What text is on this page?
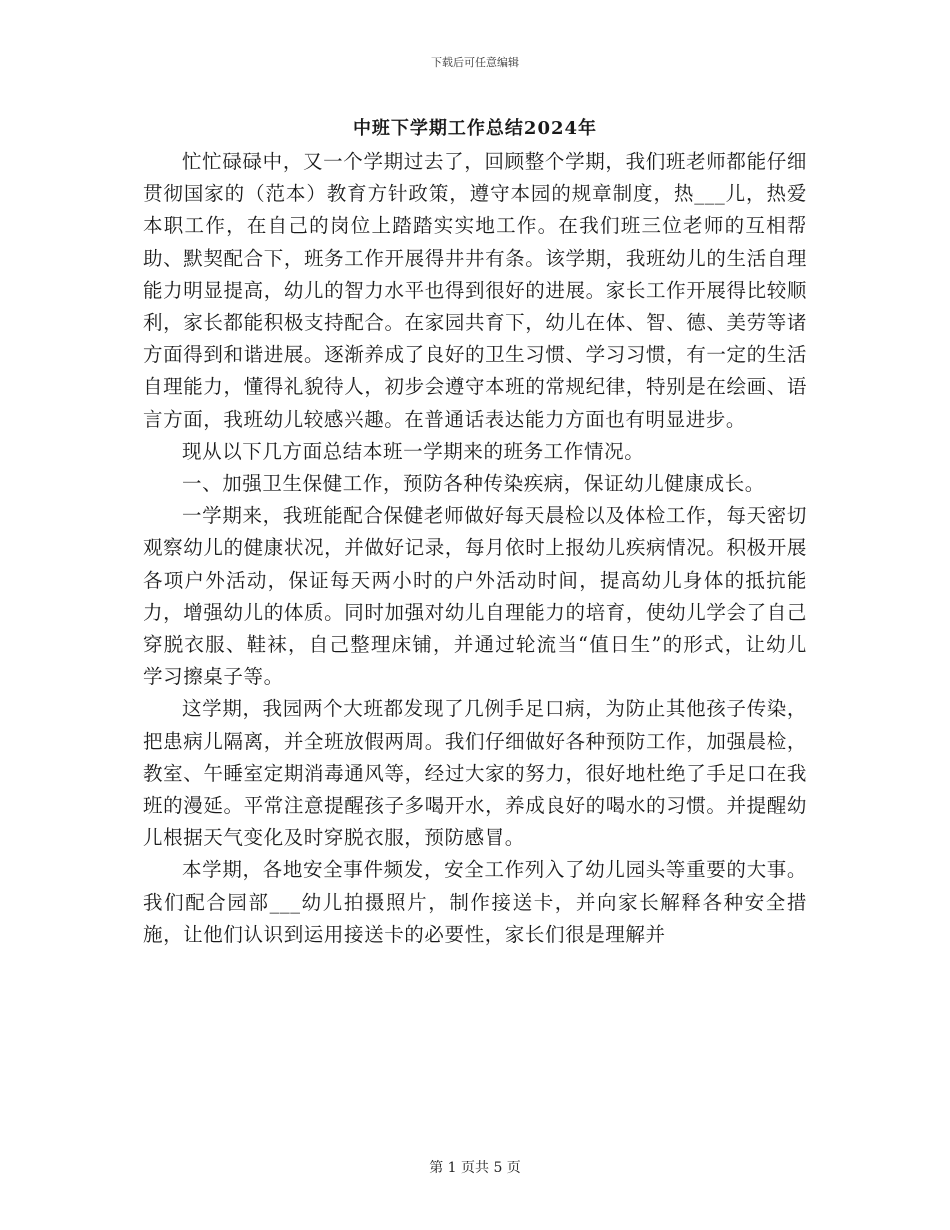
下载后可任意编辑
中班下学期工作总结2024年

忙忙碌碌中，又一个学期过去了，回顾整个学期，我们班老师都能仔细贯彻国家的（范本）教育方针政策，遵守本园的规章制度，热___儿，热爱本职工作，在自己的岗位上踏踏实实地工作。在我们班三位老师的互相帮助、默契配合下，班务工作开展得井井有条。该学期，我班幼儿的生活自理能力明显提高，幼儿的智力水平也得到很好的进展。家长工作开展得比较顺利，家长都能积极支持配合。在家园共育下，幼儿在体、智、德、美劳等诸方面得到和谐进展。逐渐养成了良好的卫生习惯、学习习惯，有一定的生活自理能力，懂得礼貌待人，初步会遵守本班的常规纪律，特别是在绘画、语言方面，我班幼儿较感兴趣。在普通话表达能力方面也有明显进步。

现从以下几方面总结本班一学期来的班务工作情况。

一、加强卫生保健工作，预防各种传染疾病，保证幼儿健康成长。

一学期来，我班能配合保健老师做好每天晨检以及体检工作，每天密切观察幼儿的健康状况，并做好记录，每月依时上报幼儿疾病情况。积极开展各项户外活动，保证每天两小时的户外活动时间，提高幼儿身体的抵抗能力，增强幼儿的体质。同时加强对幼儿自理能力的培育，使幼儿学会了自己穿脱衣服、鞋袜，自己整理床铺，并通过轮流当“值日生”的形式，让幼儿学习擦桌子等。

这学期，我园两个大班都发现了几例手足口病，为防止其他孩子传染，把患病儿隔离，并全班放假两周。我们仔细做好各种预防工作，加强晨检，教室、午睡室定期消毒通风等，经过大家的努力，很好地杜绝了手足口在我班的漫延。平常注意提醒孩子多喝开水，养成良好的喝水的习惯。并提醒幼儿根据天气变化及时穿脱衣服，预防感冒。

本学期，各地安全事件频发，安全工作列入了幼儿园头等重要的大事。我们配合园部___幼儿拍摄照片，制作接送卡，并向家长解释各种安全措施，让他们认识到运用接送卡的必要性，家长们很是理解并

第 1 页共 5 页
